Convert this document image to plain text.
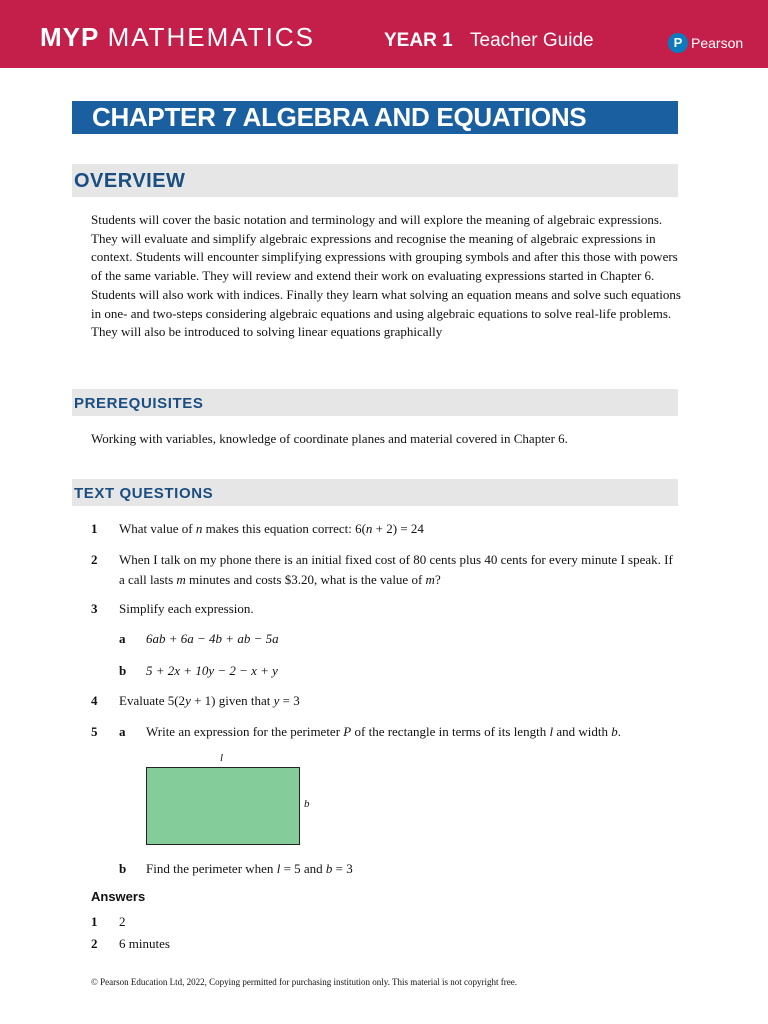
MYP MATHEMATICS	YEAR 1 Teacher Guide	P Pearson
CHAPTER 7 ALGEBRA AND EQUATIONS
OVERVIEW
Students will cover the basic notation and terminology and will explore the meaning of algebraic expressions. They will evaluate and simplify algebraic expressions and recognise the meaning of algebraic expressions in context. Students will encounter simplifying expressions with grouping symbols and after this those with powers of the same variable. They will review and extend their work on evaluating expressions started in Chapter 6. Students will also work with indices. Finally they learn what solving an equation means and solve such equations in one- and two-steps considering algebraic equations and using algebraic equations to solve real-life problems. They will also be introduced to solving linear equations graphically
PREREQUISITES
Working with variables, knowledge of coordinate planes and material covered in Chapter 6.
TEXT QUESTIONS
1 What value of n makes this equation correct: 6(n + 2) = 24
2 When I talk on my phone there is an initial fixed cost of 80 cents plus 40 cents for every minute I speak. If a call lasts m minutes and costs $3.20, what is the value of m?
3 Simplify each expression.
a 6ab + 6a − 4b + ab − 5a
b 5 + 2x + 10y − 2 − x + y
4 Evaluate 5(2y + 1) given that y = 3
5 a Write an expression for the perimeter P of the rectangle in terms of its length l and width b.
l
b
b Find the perimeter when l = 5 and b = 3
Answers
1 2
2 6 minutes
© Pearson Education Ltd, 2022, Copying permitted for purchasing institution only. This material is not copyright free.
